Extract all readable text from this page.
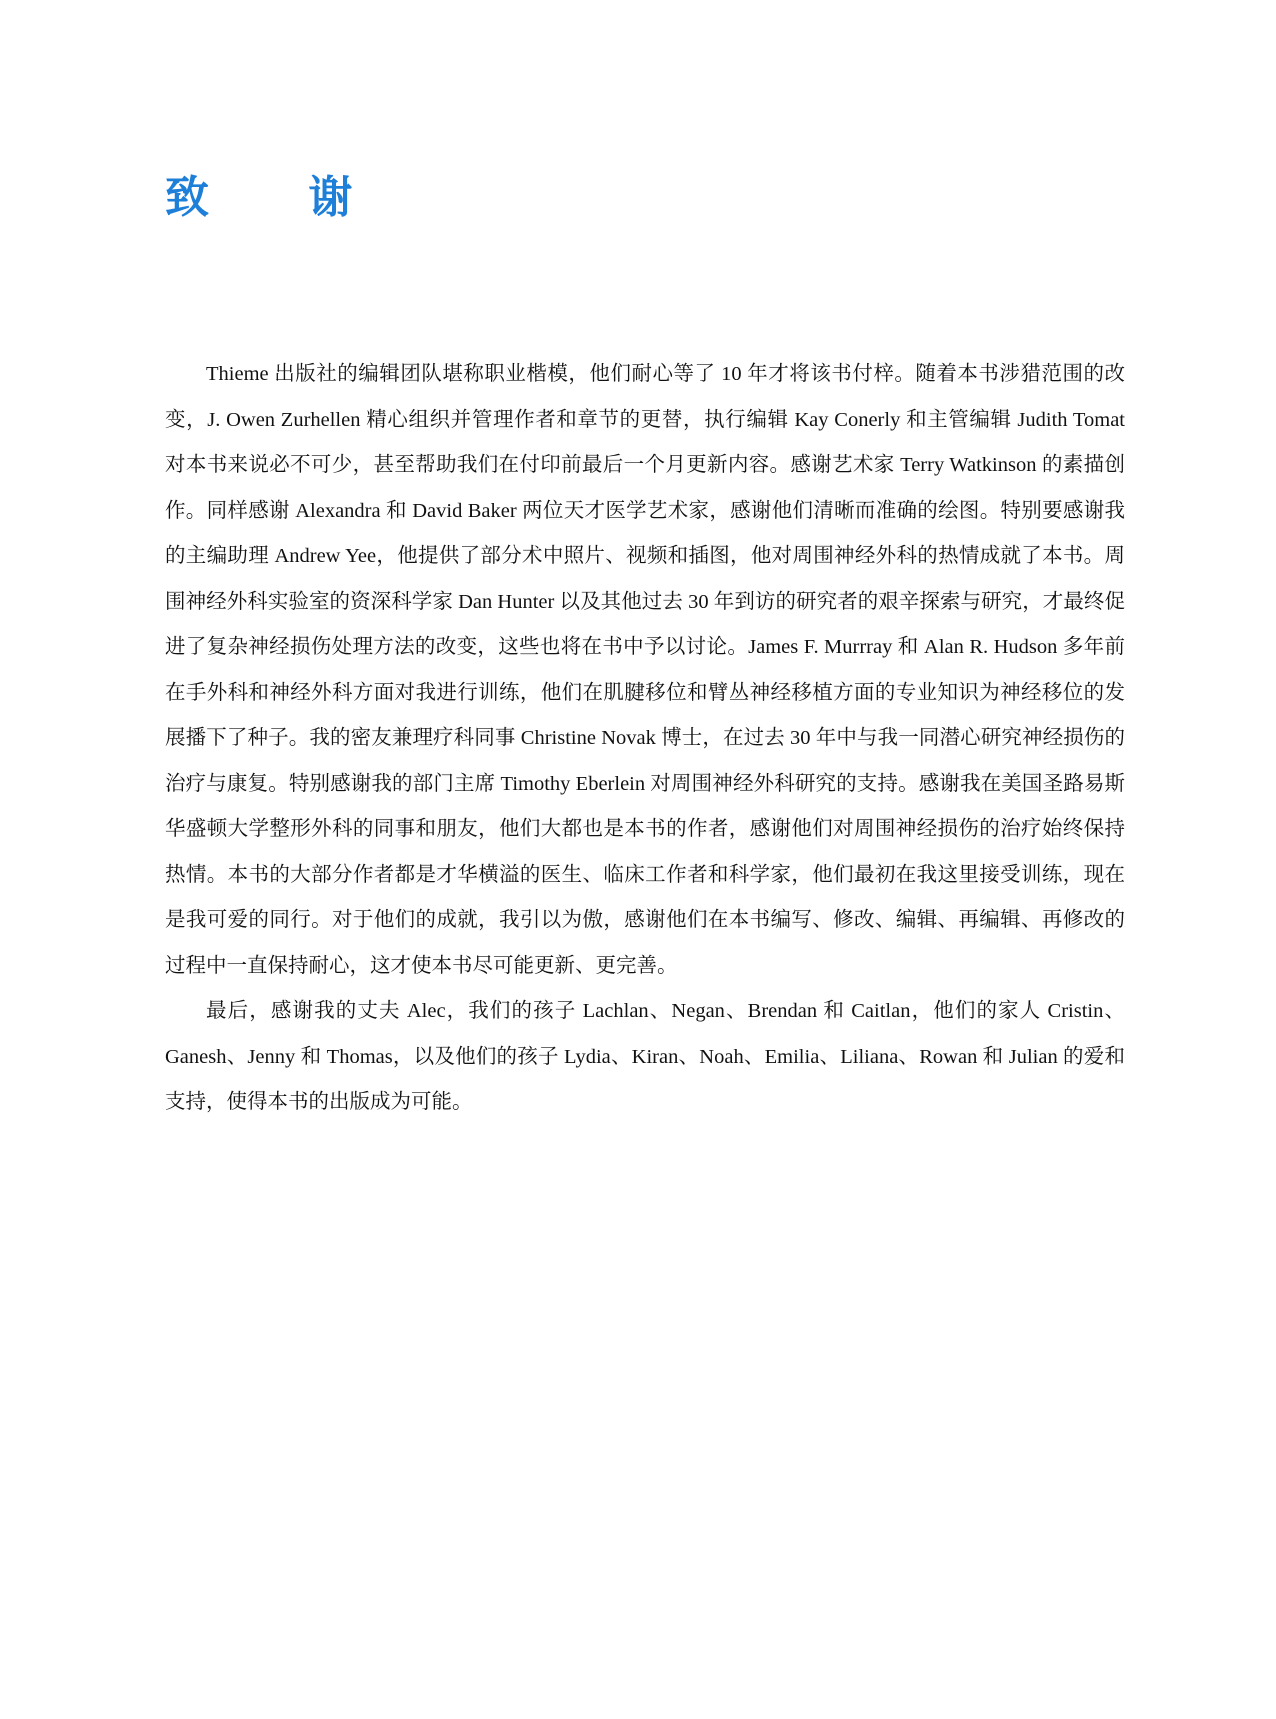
致 谢

Thieme 出版社的编辑团队堪称职业楷模，他们耐心等了 10 年才将该书付梓。随着本书涉猎范围的改变，J. Owen Zurhellen 精心组织并管理作者和章节的更替，执行编辑 Kay Conerly 和主管编辑 Judith Tomat 对本书来说必不可少，甚至帮助我们在付印前最后一个月更新内容。感谢艺术家 Terry Watkinson 的素描创作。同样感谢 Alexandra 和 David Baker 两位天才医学艺术家，感谢他们清晰而准确的绘图。特别要感谢我的主编助理 Andrew Yee，他提供了部分术中照片、视频和插图，他对周围神经外科的热情成就了本书。周围神经外科实验室的资深科学家 Dan Hunter 以及其他过去 30 年到访的研究者的艰辛探索与研究，才最终促进了复杂神经损伤处理方法的改变，这些也将在书中予以讨论。James F. Murrray 和 Alan R. Hudson 多年前在手外科和神经外科方面对我进行训练，他们在肌腱移位和臂丛神经移植方面的专业知识为神经移位的发展播下了种子。我的密友兼理疗科同事 Christine Novak 博士，在过去 30 年中与我一同潜心研究神经损伤的治疗与康复。特别感谢我的部门主席 Timothy Eberlein 对周围神经外科研究的支持。感谢我在美国圣路易斯华盛顿大学整形外科的同事和朋友，他们大都也是本书的作者，感谢他们对周围神经损伤的治疗始终保持热情。本书的大部分作者都是才华横溢的医生、临床工作者和科学家，他们最初在我这里接受训练，现在是我可爱的同行。对于他们的成就，我引以为傲，感谢他们在本书编写、修改、编辑、再编辑、再修改的过程中一直保持耐心，这才使本书尽可能更新、更完善。

最后，感谢我的丈夫 Alec，我们的孩子 Lachlan、Negan、Brendan 和 Caitlan，他们的家人 Cristin、Ganesh、Jenny 和 Thomas，以及他们的孩子 Lydia、Kiran、Noah、Emilia、Liliana、Rowan 和 Julian 的爱和支持，使得本书的出版成为可能。
